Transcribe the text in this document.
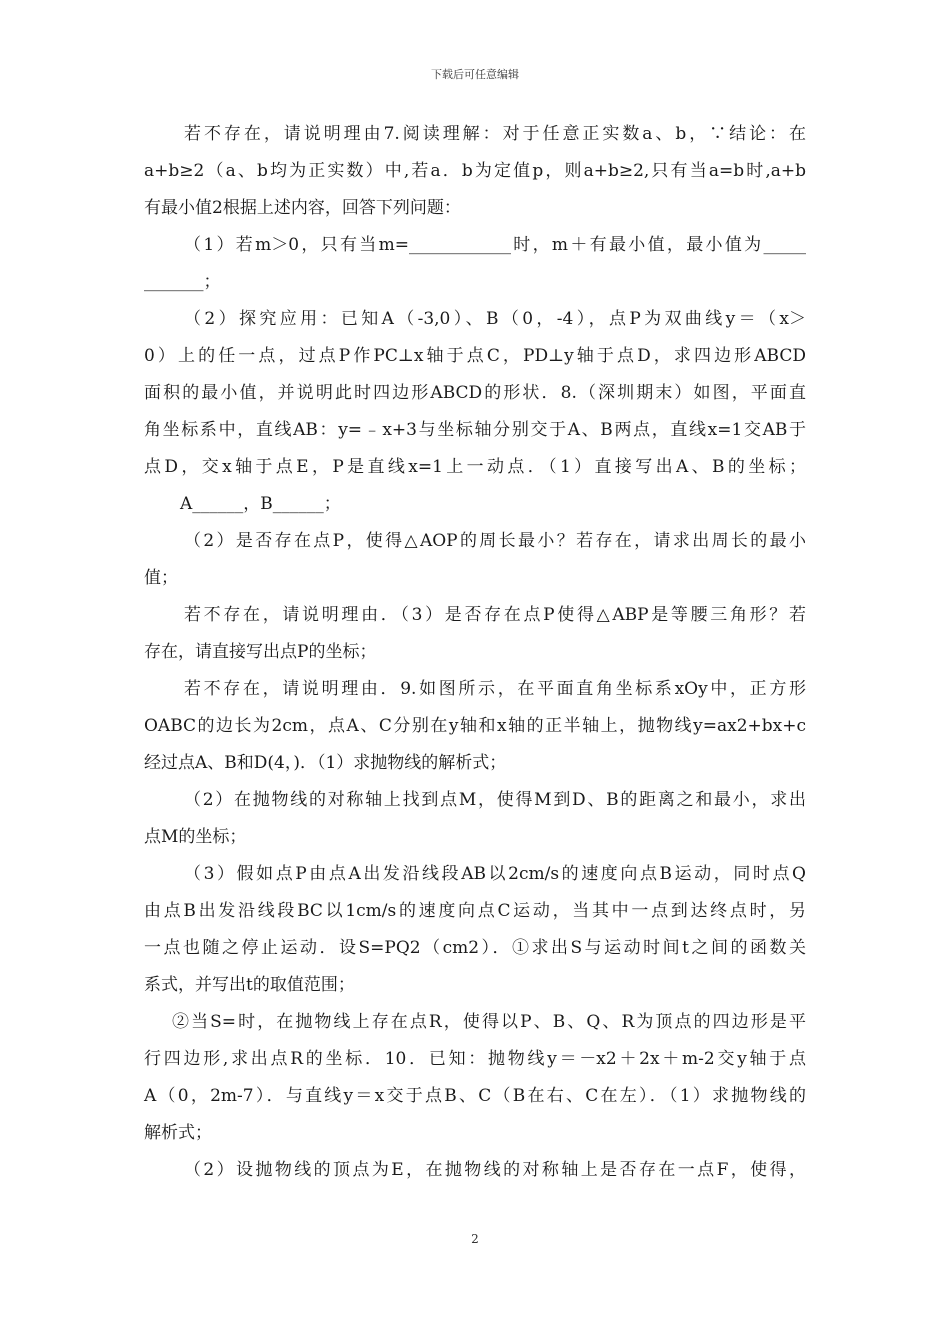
下载后可任意编辑
若不存在，请说明理由7.阅读理解：对于任意正实数a、b，∵结论：在
a+b≥2（a、b均为正实数）中,若a．b为定值p，则a+b≥2,只有当a=b时,a+b
有最小值2根据上述内容，回答下列问题：
（1）若m＞0，只有当m=____________时，m＋有最小值，最小值为_____
_______；
（2）探究应用：已知A（-3,0）、B（0，-4），点P为双曲线y＝（x＞
0）上的任一点，过点P作PC⊥x轴于点C，PD⊥y轴于点D，求四边形ABCD
面积的最小值，并说明此时四边形ABCD的形状．8.（深圳期末）如图，平面直
角坐标系中，直线AB：y=﹣x+3与坐标轴分别交于A、B两点，直线x=1交AB于
点D，交x轴于点E，P是直线x=1上一动点．（1）直接写出A、B的坐标；
A______，B______；
（2）是否存在点P，使得△AOP的周长最小？若存在，请求出周长的最小
值；
若不存在，请说明理由．（3）是否存在点P使得△ABP是等腰三角形？若
存在，请直接写出点P的坐标；
若不存在，请说明理由．9.如图所示，在平面直角坐标系xOy中，正方形
OABC的边长为2cm，点A、C分别在y轴和x轴的正半轴上，抛物线y=ax2+bx+c
经过点A、B和D(4，)．（1）求抛物线的解析式；
（2）在抛物线的对称轴上找到点M，使得M到D、B的距离之和最小，求出
点M的坐标；
（3）假如点P由点A出发沿线段AB以2cm/s的速度向点B运动，同时点Q
由点B出发沿线段BC以1cm/s的速度向点C运动，当其中一点到达终点时，另
一点也随之停止运动．设S=PQ2（cm2）．①求出S与运动时间t之间的函数关
系式，并写出t的取值范围；
②当S=时，在抛物线上存在点R，使得以P、B、Q、R为顶点的四边形是平
行四边形,求出点R的坐标．10．已知：抛物线y＝－x2＋2x＋m-2交y轴于点
A（0，2m-7）．与直线y＝x交于点B、C（B在右、C在左）．（1）求抛物线的
解析式；
（2）设抛物线的顶点为E，在抛物线的对称轴上是否存在一点F，使得，
2
